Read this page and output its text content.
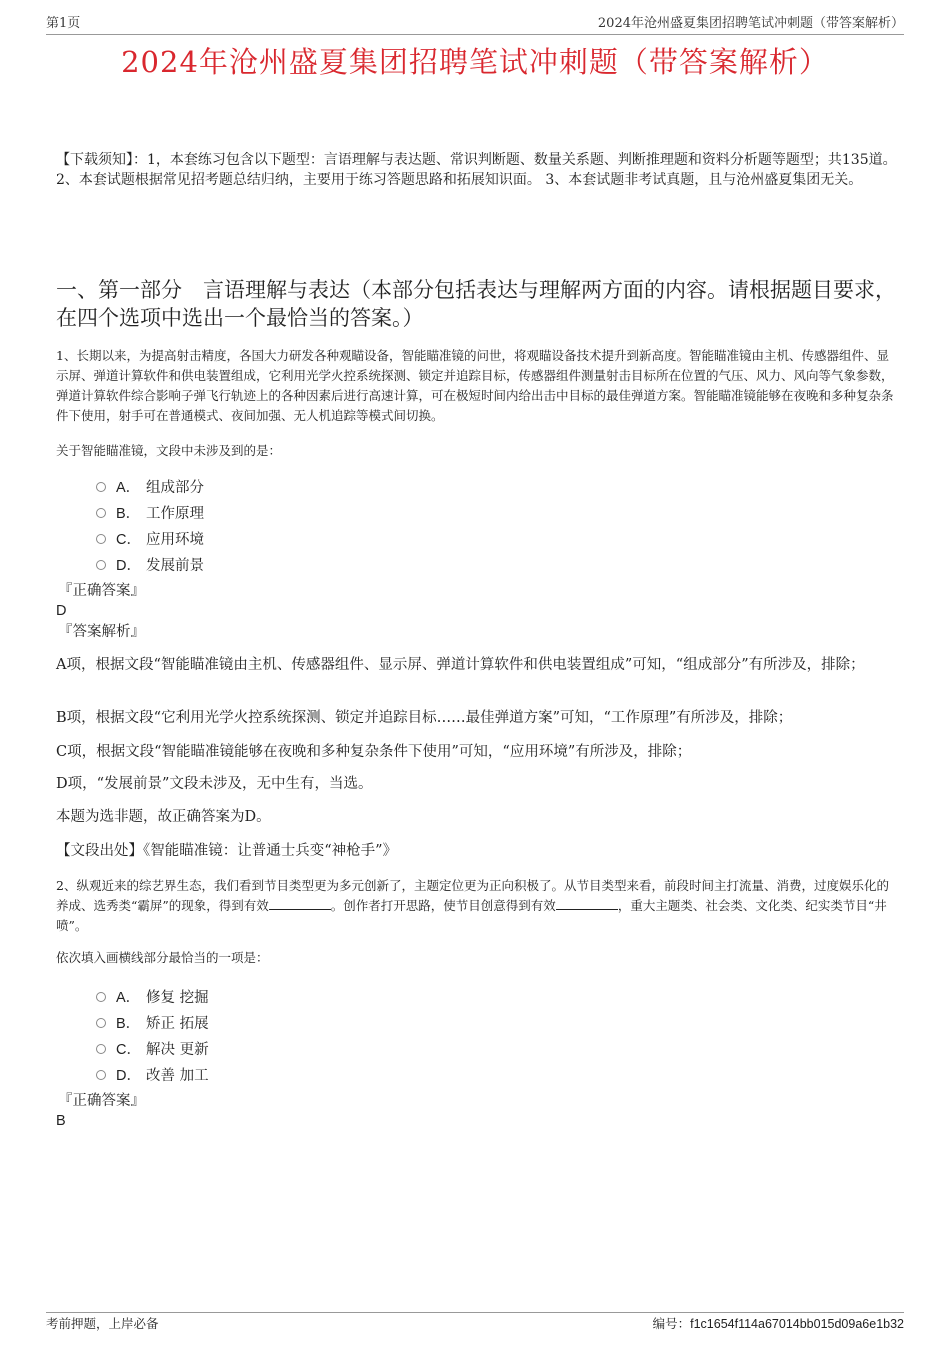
第1页	2024年沧州盛夏集团招聘笔试冲刺题（带答案解析）
2024年沧州盛夏集团招聘笔试冲刺题（带答案解析）
【下载须知】：1，本套练习包含以下题型：言语理解与表达题、常识判断题、数量关系题、判断推理题和资料分析题等题型；共135道。 2、本套试题根据常见招考题总结归纳，主要用于练习答题思路和拓展知识面。 3、本套试题非考试真题，且与沧州盛夏集团无关。
一、第一部分　言语理解与表达（本部分包括表达与理解两方面的内容。请根据题目要求，在四个选项中选出一个最恰当的答案。）
1、长期以来，为提高射击精度，各国大力研发各种观瞄设备，智能瞄准镜的问世，将观瞄设备技术提升到新高度。智能瞄准镜由主机、传感器组件、显示屏、弹道计算软件和供电装置组成，它利用光学火控系统探测、锁定并追踪目标，传感器组件测量射击目标所在位置的气压、风力、风向等气象参数，弹道计算软件综合影响子弹飞行轨迹上的各种因素后进行高速计算，可在极短时间内给出击中目标的最佳弹道方案。智能瞄准镜能够在夜晚和多种复杂条件下使用，射手可在普通模式、夜间加强、无人机追踪等模式间切换。
关于智能瞄准镜，文段中未涉及到的是：
A． 组成部分
B． 工作原理
C． 应用环境
D． 发展前景
『正确答案』
D
『答案解析』
A项，根据文段“智能瞄准镜由主机、传感器组件、显示屏、弹道计算软件和供电装置组成”可知，“组成部分”有所涉及，排除；
B项，根据文段“它利用光学火控系统探测、锁定并追踪目标……最佳弹道方案”可知，“工作原理”有所涉及，排除；
C项，根据文段“智能瞄准镜能够在夜晚和多种复杂条件下使用”可知，“应用环境”有所涉及，排除；
D项，“发展前景”文段未涉及，无中生有，当选。
本题为选非题，故正确答案为D。
【文段出处】《智能瞄准镜：让普通士兵变“神枪手”》
2、纵观近来的综艺界生态，我们看到节目类型更为多元创新了，主题定位更为正向积极了。从节目类型来看，前段时间主打流量、消费，过度娱乐化的养成、选秀类“霸屏”的现象，得到有效	。创作者打开思路，使节目创意得到有效	，重大主题类、社会类、文化类、纪实类节目“井喷”。
依次填入画横线部分最恰当的一项是：
A． 修复 挖掘
B． 矫正 拓展
C． 解决 更新
D． 改善 加工
『正确答案』
B
考前押题，上岸必备	编号：f1c1654f114a67014bb015d09a6e1b32
